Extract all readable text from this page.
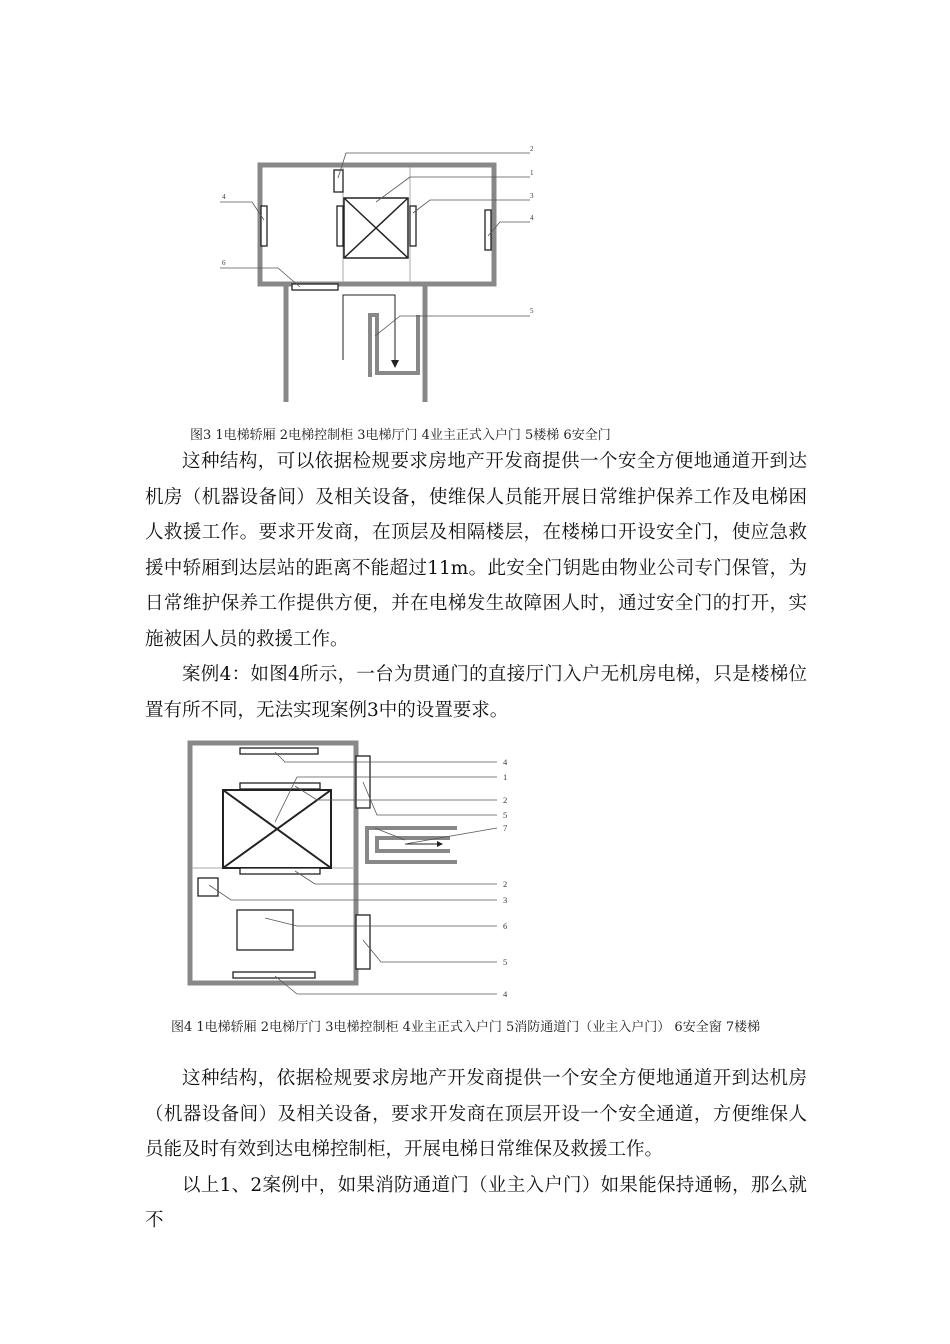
2
1
3
4
4
6
5
图3 1电梯轿厢 2电梯控制柜 3电梯厅门 4业主正式入户门 5楼梯 6安全门

这种结构，可以依据检规要求房地产开发商提供一个安全方便地通道开到达机房（机器设备间）及相关设备，使维保人员能开展日常维护保养工作及电梯困人救援工作。要求开发商，在顶层及相隔楼层，在楼梯口开设安全门，使应急救援中轿厢到达层站的距离不能超过11m。此安全门钥匙由物业公司专门保管，为日常维护保养工作提供方便，并在电梯发生故障困人时，通过安全门的打开，实施被困人员的救援工作。

案例4：如图4所示，一台为贯通门的直接厅门入户无机房电梯，只是楼梯位置有所不同，无法实现案例3中的设置要求。

4
1
2
5
7
2
3
6
5
4
图4 1电梯轿厢 2电梯厅门 3电梯控制柜 4业主正式入户门 5消防通道门（业主入户门） 6安全窗 7楼梯

这种结构，依据检规要求房地产开发商提供一个安全方便地通道开到达机房（机器设备间）及相关设备，要求开发商在顶层开设一个安全通道，方便维保人员能及时有效到达电梯控制柜，开展电梯日常维保及救援工作。

以上1、2案例中，如果消防通道门（业主入户门）如果能保持通畅，那么就不
